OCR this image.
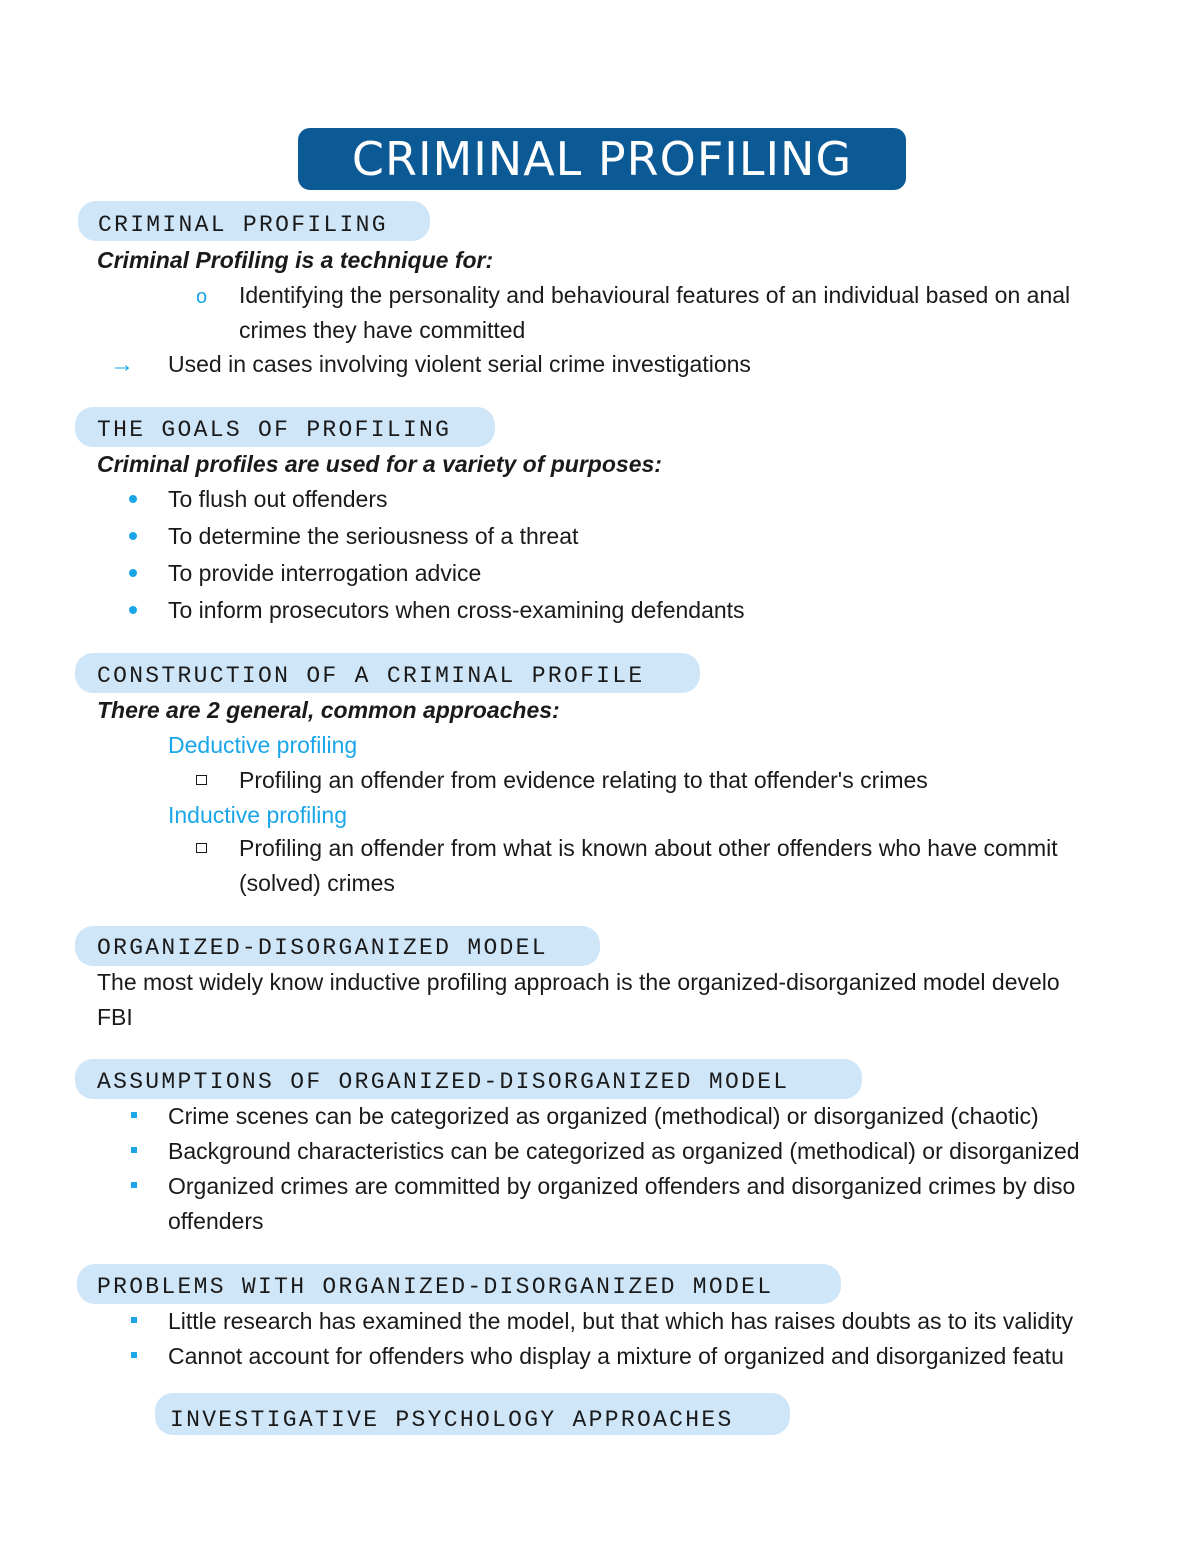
CRIMINAL PROFILING
CRIMINAL PROFILING
Criminal Profiling is a technique for:
o Identifying the personality and behavioural features of an individual based on anal
crimes they have committed
→ Used in cases involving violent serial crime investigations
THE GOALS OF PROFILING
Criminal profiles are used for a variety of purposes:
To flush out offenders
To determine the seriousness of a threat
To provide interrogation advice
To inform prosecutors when cross-examining defendants
CONSTRUCTION OF A CRIMINAL PROFILE
There are 2 general, common approaches:
Deductive profiling
Profiling an offender from evidence relating to that offender's crimes
Inductive profiling
Profiling an offender from what is known about other offenders who have commit
(solved) crimes
ORGANIZED-DISORGANIZED MODEL
The most widely know inductive profiling approach is the organized-disorganized model develo
FBI
ASSUMPTIONS OF ORGANIZED-DISORGANIZED MODEL
Crime scenes can be categorized as organized (methodical) or disorganized (chaotic)
Background characteristics can be categorized as organized (methodical) or disorganized
Organized crimes are committed by organized offenders and disorganized crimes by diso
offenders
PROBLEMS WITH ORGANIZED-DISORGANIZED MODEL
Little research has examined the model, but that which has raises doubts as to its validity
Cannot account for offenders who display a mixture of organized and disorganized featu
INVESTIGATIVE PSYCHOLOGY APPROACHES
